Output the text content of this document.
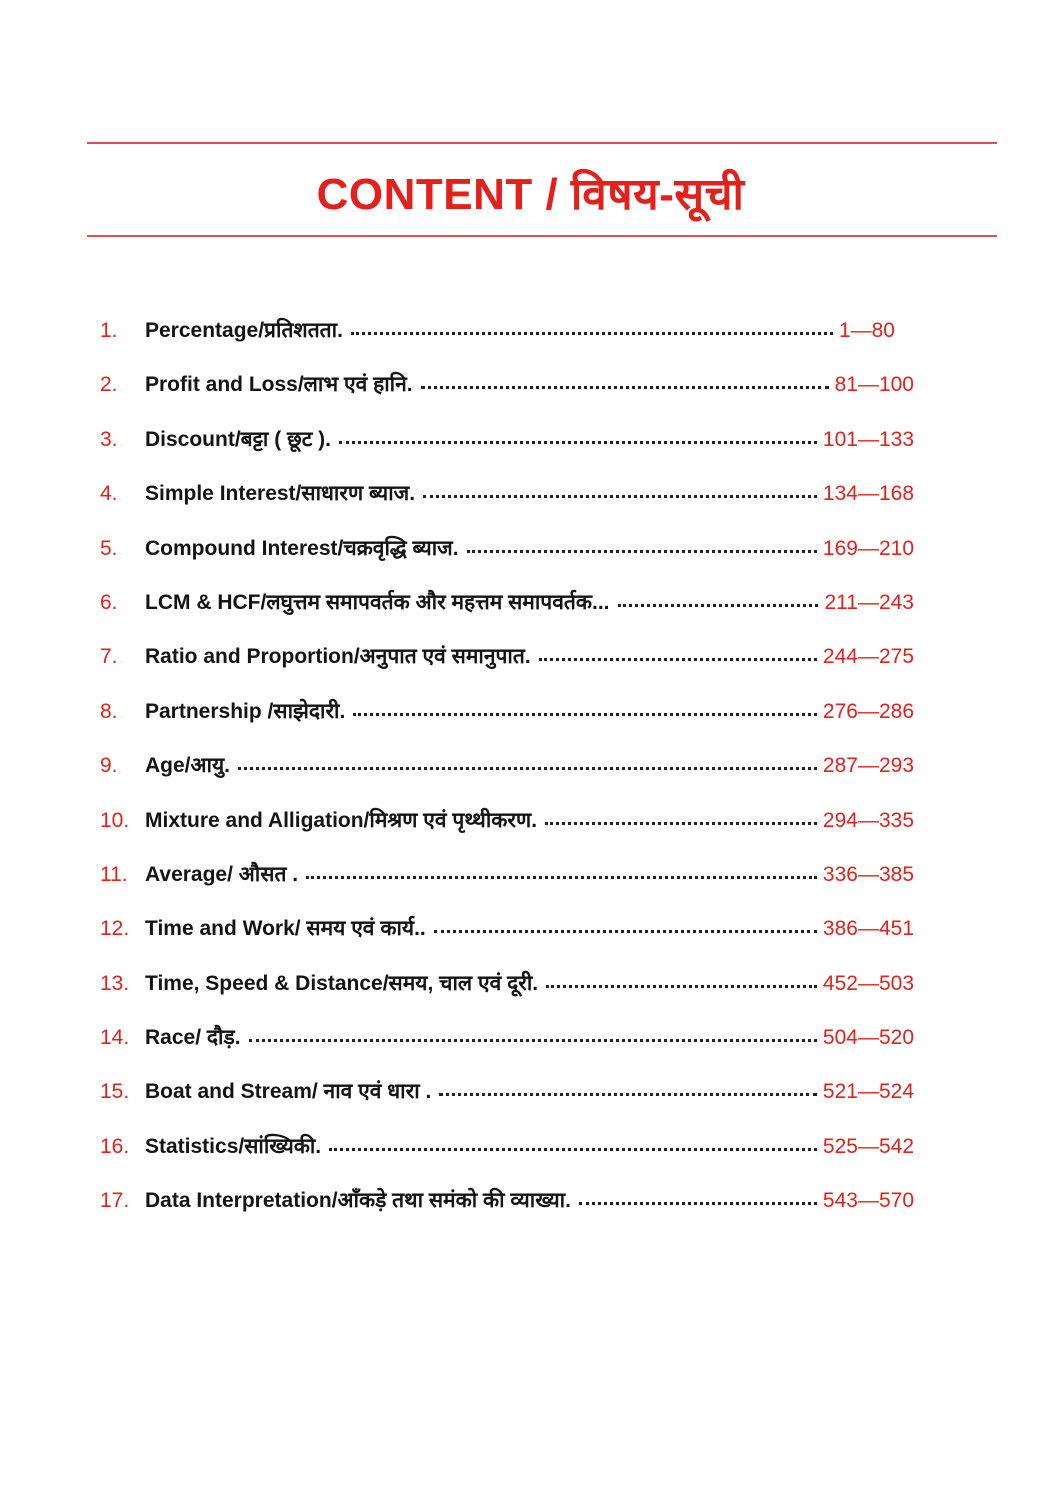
CONTENT / विषय-सूची
1.	Percentage/प्रतिशतता.	1—80
2.	Profit and Loss/लाभ एवं हानि.	81—100
3.	Discount/बट्टा ( छूट ).	101—133
4.	Simple Interest/साधारण ब्याज.	134—168
5.	Compound Interest/चक्रवृद्धि ब्याज.	169—210
6.	LCM & HCF/लघुत्तम समापवर्तक और महत्तम समापवर्तक...	211—243
7.	Ratio and Proportion/अनुपात एवं समानुपात.	244—275
8.	Partnership /साझेदारी.	276—286
9.	Age/आयु.	287—293
10. Mixture and Alligation/मिश्रण एवं पृथ्थीकरण.	294—335
11. Average/ औसत .	336—385
12. Time and Work/ समय एवं कार्य..	386—451
13. Time, Speed & Distance/समय, चाल एवं दूरी.	452—503
14. Race/ दौड़.	504—520
15. Boat and Stream/ नाव एवं धारा .	521—524
16. Statistics/सांख्यिकी.	525—542
17. Data Interpretation/आँकड़े तथा समंको की व्याख्या.	543—570
